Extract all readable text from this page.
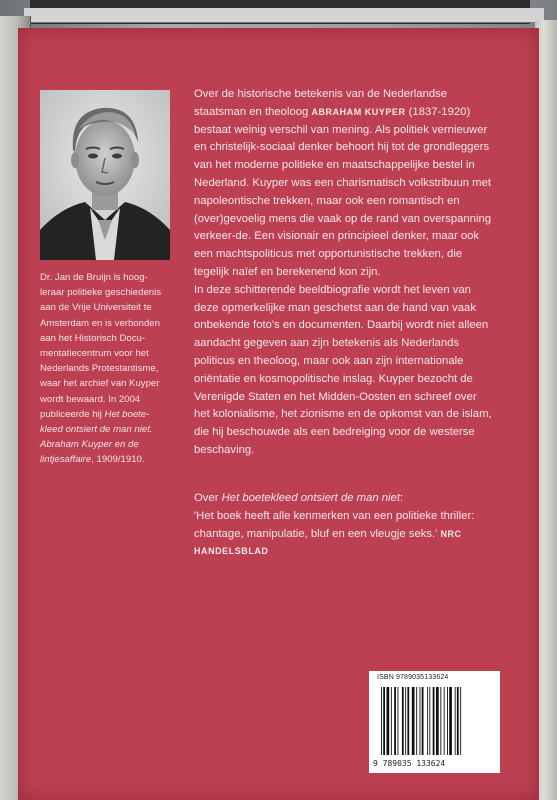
Dr. Jan de Bruijn is hoog-
leraar politieke geschiedenis
aan de Vrije Universiteit te
Amsterdam en is verbonden
aan het Historisch Docu-
mentatiecentrum voor het
Nederlands Protestantisme,
waar het archief van Kuyper
wordt bewaard. In 2004
publiceerde hij Het boete-
kleed ontsiert de man niet.
Abraham Kuyper en de
lintjesaffaire, 1909/1910.

Over de historische betekenis van de Nederlandse staatsman en theoloog ABRAHAM KUYPER (1837-1920) bestaat weinig verschil van mening. Als politiek vernieuwer en christelijk-sociaal denker behoort hij tot de grondleggers van het moderne politieke en maatschappelijke bestel in Nederland. Kuyper was een charismatisch volkstribuun met napoleontische trekken, maar ook een romantisch en (over)gevoelig mens die vaak op de rand van overspanning verkeer-de. Een visionair en principieel denker, maar ook een machtspoliticus met opportunistische trekken, die tegelijk naïef en berekenend kon zijn.

In deze schitterende beeldbiografie wordt het leven van deze opmerkelijke man geschetst aan de hand van vaak onbekende foto's en documenten. Daarbij wordt niet alleen aandacht gegeven aan zijn betekenis als Nederlands politicus en theoloog, maar ook aan zijn internationale oriëntatie en kosmopolitische inslag. Kuyper bezocht de Verenigde Staten en het Midden-Oosten en schreef over het kolonialisme, het zionisme en de opkomst van de islam, die hij beschouwde als een bedreiging voor de westerse beschaving.

Over Het boetekleed ontsiert de man niet:

'Het boek heeft alle kenmerken van een politieke thriller: chantage, manipulatie, bluf en een vleugje seks.' NRC HANDELSBLAD

ISBN 9789035133624
9 789035 133624
